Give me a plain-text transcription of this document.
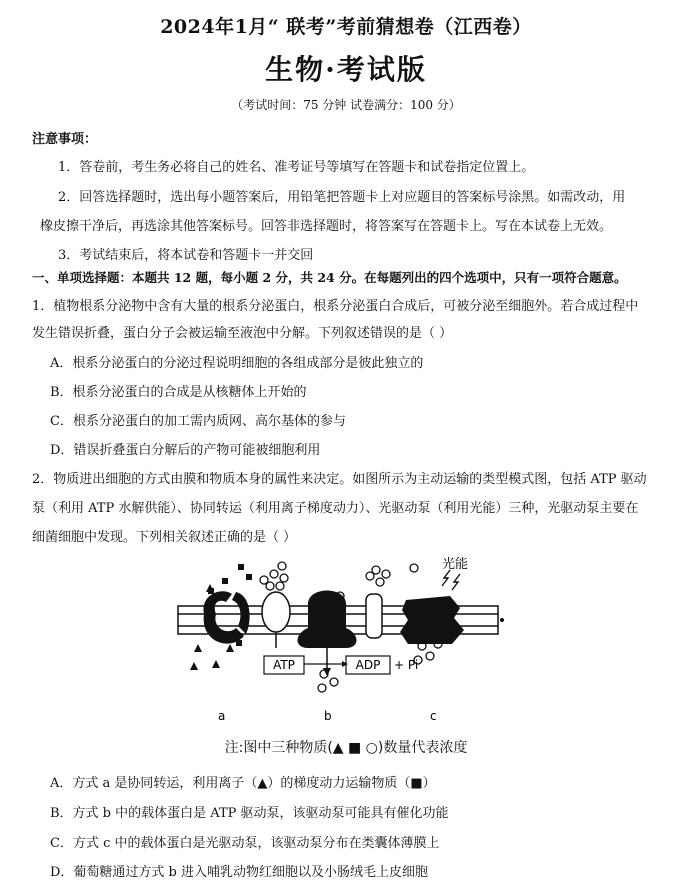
2024年1月“ 联考”考前猜想卷（江西卷）
生物·考试版
（考试时间：75 分钟 试卷满分：100 分）
注意事项：
1．答卷前，考生务必将自己的姓名、准考证号等填写在答题卡和试卷指定位置上。
2．回答选择题时，选出每小题答案后，用铅笔把答题卡上对应题目的答案标号涂黑。如需改动，用
橡皮擦干净后，再选涂其他答案标号。回答非选择题时，将答案写在答题卡上。写在本试卷上无效。
3．考试结束后，将本试卷和答题卡一并交回
一、单项选择题：本题共 12 题，每小题 2 分，共 24 分。在每题列出的四个选项中，只有一项符合题意。
1．植物根系分泌物中含有大量的根系分泌蛋白，根系分泌蛋白合成后，可被分泌至细胞外。若合成过程中
发生错误折叠，蛋白分子会被运输至液泡中分解。下列叙述错误的是（ ）
A．根系分泌蛋白的分泌过程说明细胞的各组成部分是彼此独立的
B．根系分泌蛋白的合成是从核糖体上开始的
C．根系分泌蛋白的加工需内质网、高尔基体的参与
D．错误折叠蛋白分解后的产物可能被细胞利用
2．物质进出细胞的方式由膜和物质本身的属性来决定。如图所示为主动运输的类型模式图，包括 ATP 驱动
泵（利用 ATP 水解供能）、协同转运（利用离子梯度动力）、光驱动泵（利用光能）三种，光驱动泵主要在
细菌细胞中发现。下列相关叙述正确的是（ ）
光能
ATP	ADP + Pi
a	b	c
注:图中三种物质(▲ ■ ○)数量代表浓度
A．方式 a 是协同转运，利用离子（▲）的梯度动力运输物质（■）
B．方式 b 中的载体蛋白是 ATP 驱动泵，该驱动泵可能具有催化功能
C．方式 c 中的载体蛋白是光驱动泵，该驱动泵分布在类囊体薄膜上
D．葡萄糖通过方式 b 进入哺乳动物红细胞以及小肠绒毛上皮细胞
